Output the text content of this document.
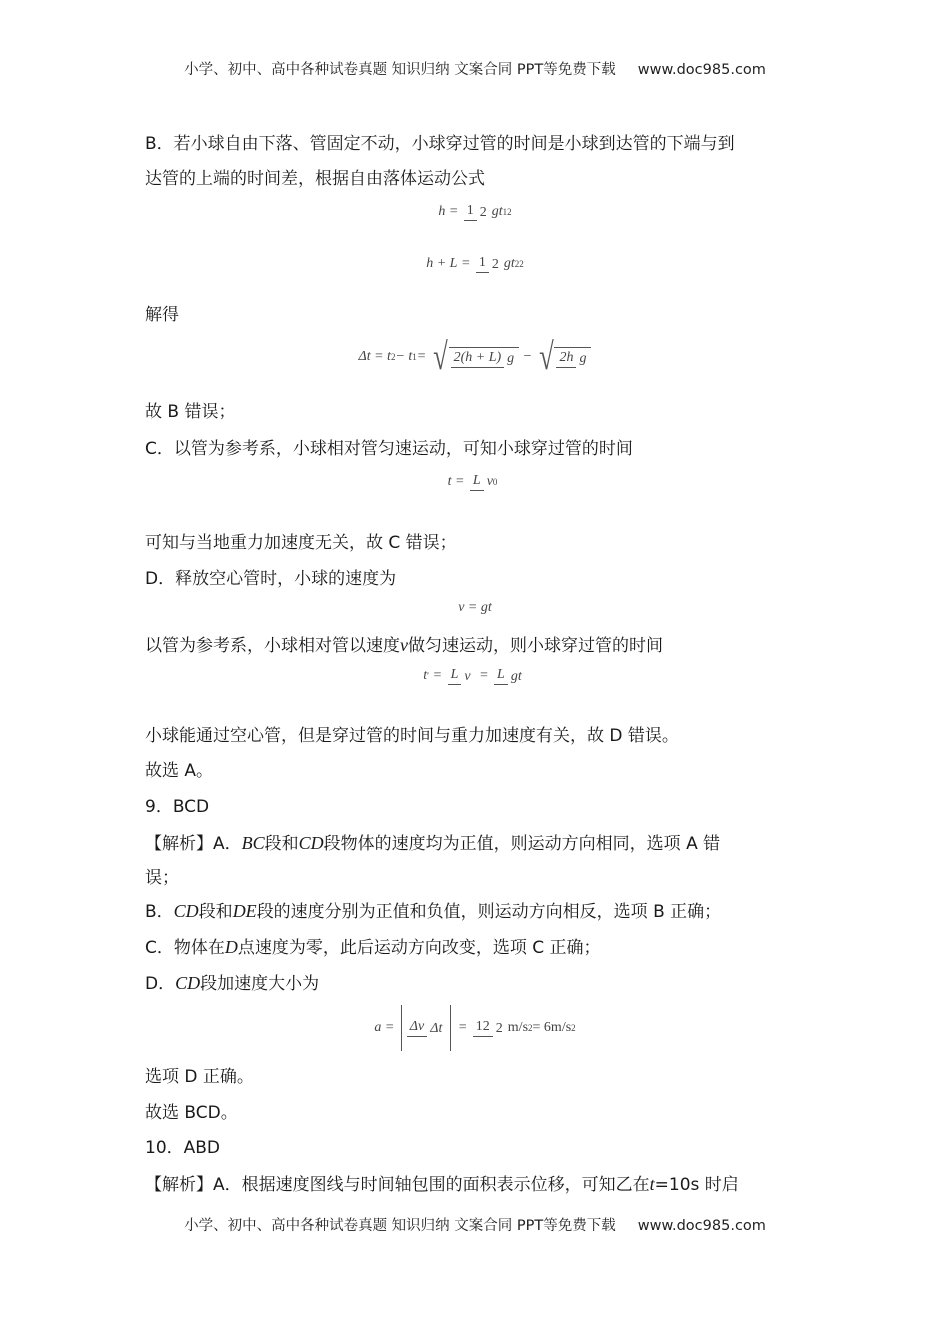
小学、初中、高中各种试卷真题 知识归纳 文案合同 PPT等免费下载 www.doc985.com
B．若小球自由下落、管固定不动，小球穿过管的时间是小球到达管的下端与到
达管的上端的时间差，根据自由落体运动公式
h = 1 2 gt12
h + L = 1 2 gt22
解得
Δt = t2− t1= √ 2(h + L) g − √ 2h g
故 B 错误；
C．以管为参考系，小球相对管匀速运动，可知小球穿过管的时间
t = L v0
可知与当地重力加速度无关，故 C 错误；
D．释放空心管时，小球的速度为
v = gt
以管为参考系，小球相对管以速度v做匀速运动，则小球穿过管的时间
t′ = L v = L gt
小球能通过空心管，但是穿过管的时间与重力加速度有关，故 D 错误。
故选 A。
9．BCD
【解析】A．BC段和CD段物体的速度均为正值，则运动方向相同，选项 A 错
误；
B．CD段和DE段的速度分别为正值和负值，则运动方向相反，选项 B 正确；
C．物体在D点速度为零，此后运动方向改变，选项 C 正确；
D．CD段加速度大小为
a = Δv Δt = 12 2 m/s2= 6m/s2
选项 D 正确。
故选 BCD。
10．ABD
【解析】A．根据速度图线与时间轴包围的面积表示位移，可知乙在t=10s 时启
小学、初中、高中各种试卷真题 知识归纳 文案合同 PPT等免费下载 www.doc985.com
